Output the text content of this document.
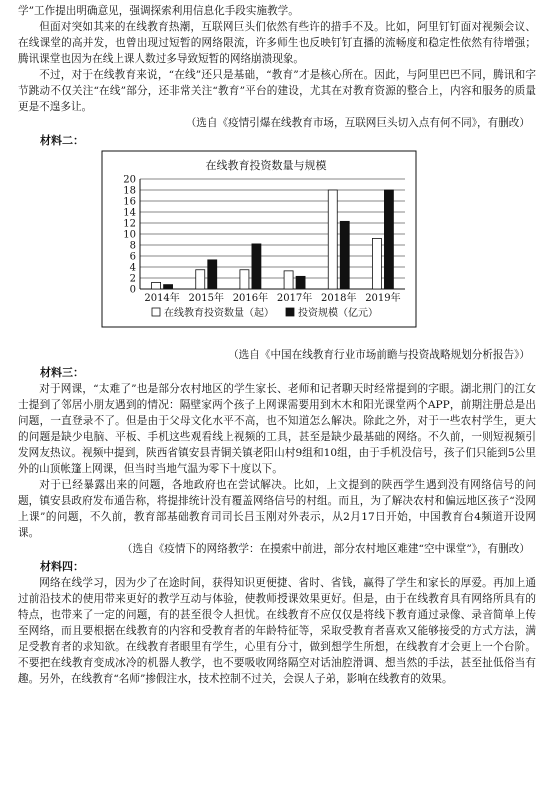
学”工作提出明确意见，强调探索利用信息化手段实施教学。

但面对突如其来的在线教育热潮，互联网巨头们依然有些许的措手不及。比如，阿里钉钉面对视频会议、在线课堂的高并发，也曾出现过短暂的网络限流，许多师生也反映钉钉直播的流畅度和稳定性依然有待增强；腾讯课堂也因为在线上课人数过多导致短暂的网络崩溃现象。

不过，对于在线教育来说，“在线”还只是基础，“教育”才是核心所在。因此，与阿里巴巴不同，腾讯和字节跳动不仅关注“在线”部分，还非常关注“教育”平台的建设，尤其在对教育资源的整合上，内容和服务的质量更是不遑多让。

（选自《疫情引爆在线教育市场，互联网巨头切入点有何不同》，有删改）

材料二：
在线教育投资数量与规模
0
2
4
6
8
10
12
14
16
18
20
2014年 2015年 2016年 2017年 2018年 2019年
在线教育投资数量（起） 投资规模（亿元）

（选自《中国在线教育行业市场前瞻与投资战略规划分析报告》）

材料三：

对于网课，“太难了”也是部分农村地区的学生家长、老师和记者聊天时经常提到的字眼。湖北荆门的江女士提到了邻居小朋友遇到的情况：隔壁家两个孩子上网课需要用到木木和阳光课堂两个APP，前期注册总是出问题，一直登录不了。但是由于父母文化水平不高，也不知道怎么解决。除此之外，对于一些农村学生，更大的问题是缺少电脑、平板、手机这些观看线上视频的工具，甚至是缺少最基础的网络。不久前，一则短视频引发网友热议。视频中提到，陕西省镇安县青铜关镇老阳山村9组和10组，由于手机没信号，孩子们只能到5公里外的山顶帐篷上网课，但当时当地气温为零下十度以下。

对于已经暴露出来的问题，各地政府也在尝试解决。比如，上文提到的陕西学生遇到没有网络信号的问题，镇安县政府发布通告称，将提排统计没有覆盖网络信号的村组。而且，为了解决农村和偏远地区孩子“没网上课”的问题，不久前，教育部基础教育司司长吕玉刚对外表示，从2月17日开始，中国教育台4频道开设网课。

（选自《疫情下的网络教学：在摸索中前进，部分农村地区难建“空中课堂”》，有删改）

材料四：

网络在线学习，因为少了在途时间，获得知识更便捷、省时、省钱，赢得了学生和家长的厚爱。再加上通过前沿技术的使用带来更好的教学互动与体验，使教师授课效果更好。但是，由于在线教育具有网络所具有的特点，也带来了一定的问题，有的甚至很令人担忧。在线教育不应仅仅是将线下教育通过录像、录音简单上传至网络，而且要根据在线教育的内容和受教育者的年龄特征等，采取受教育者喜欢又能够接受的方式方法，满足受教育者的求知欲。在线教育者眼里有学生，心里有分寸，做到想学生所想，在线教育才会更上一个台阶。不要把在线教育变成冰冷的机器人教学，也不要吸收网络隔空对话油腔滑调、想当然的手法，甚至扯低俗当有趣。另外，在线教育“名师”掺假注水，技术控制不过关，会误人子弟，影响在线教育的效果。
